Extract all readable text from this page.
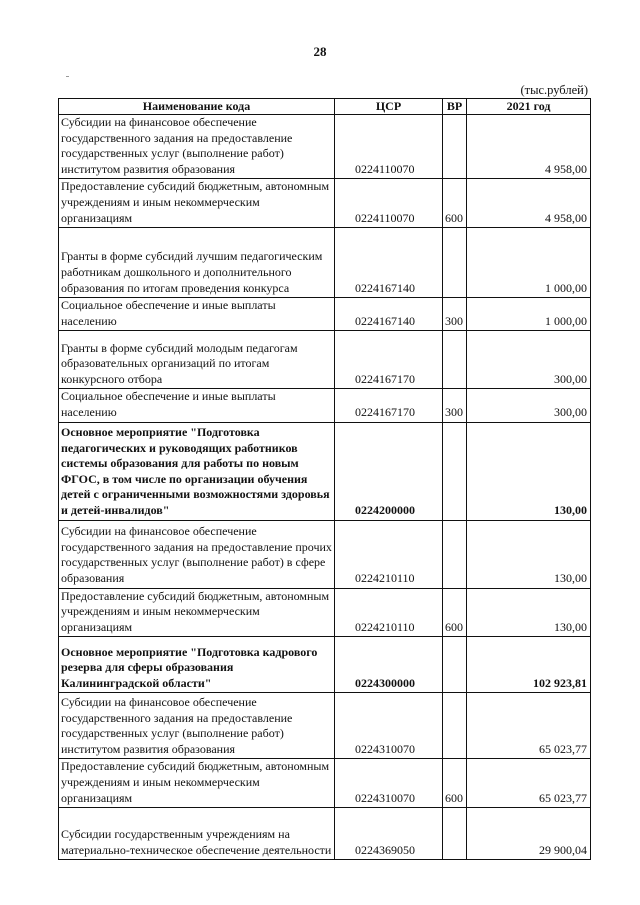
28
(тыс.рублей)
Наименование кода	ЦСР	ВР	2021 год
Субсидии на финансовое обеспечение государственного задания на предоставление государственных услуг (выполнение работ) институтом развития образования	0224110070		4 958,00
Предоставление субсидий бюджетным, автономным учреждениям и иным некоммерческим организациям	0224110070	600	4 958,00
Гранты в форме субсидий лучшим педагогическим работникам дошкольного и дополнительного образования по итогам проведения конкурса	0224167140		1 000,00
Социальное обеспечение и иные выплаты населению	0224167140	300	1 000,00
Гранты в форме субсидий молодым педагогам образовательных организаций по итогам конкурсного отбора	0224167170		300,00
Социальное обеспечение и иные выплаты населению	0224167170	300	300,00
Основное мероприятие "Подготовка педагогических и руководящих работников системы образования для работы по новым ФГОС, в том числе по организации обучения детей с ограниченными возможностями здоровья и детей-инвалидов"	0224200000		130,00
Субсидии на финансовое обеспечение государственного задания на предоставление прочих государственных услуг (выполнение работ) в сфере образования	0224210110		130,00
Предоставление субсидий бюджетным, автономным учреждениям и иным некоммерческим организациям	0224210110	600	130,00
Основное мероприятие "Подготовка кадрового резерва для сферы образования Калининградской области"	0224300000		102 923,81
Субсидии на финансовое обеспечение государственного задания на предоставление государственных услуг (выполнение работ) институтом развития образования	0224310070		65 023,77
Предоставление субсидий бюджетным, автономным учреждениям и иным некоммерческим организациям	0224310070	600	65 023,77
Субсидии государственным учреждениям на материально-техническое обеспечение деятельности	0224369050		29 900,04
